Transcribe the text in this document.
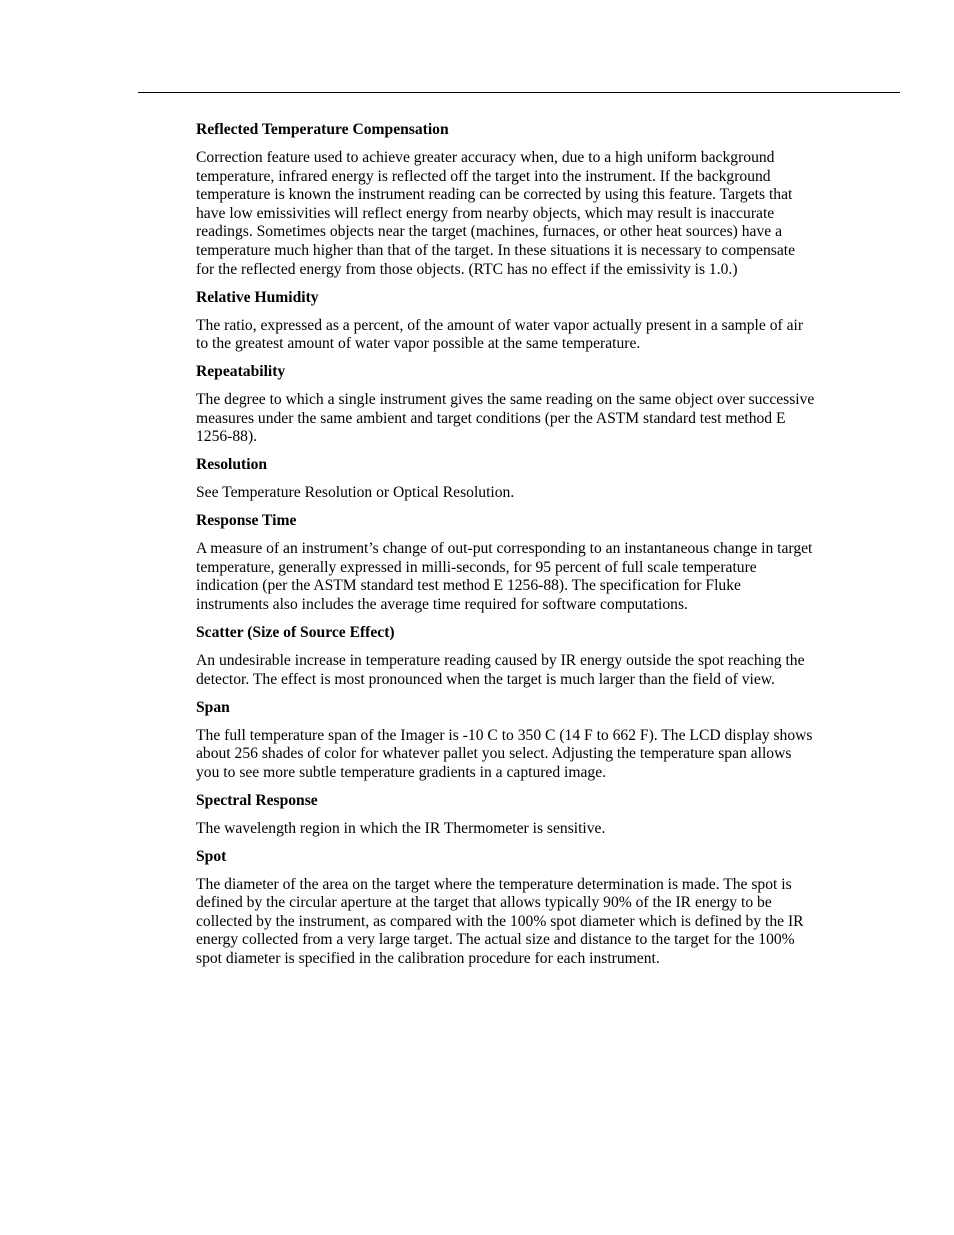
Reflected Temperature Compensation

Correction feature used to achieve greater accuracy when, due to a high uniform background temperature, infrared energy is reflected off the target into the instrument. If the background temperature is known the instrument reading can be corrected by using this feature. Targets that have low emissivities will reflect energy from nearby objects, which may result is inaccurate readings. Sometimes objects near the target (machines, furnaces, or other heat sources) have a temperature much higher than that of the target. In these situations it is necessary to compensate for the reflected energy from those objects. (RTC has no effect if the emissivity is 1.0.)

Relative Humidity

The ratio, expressed as a percent, of the amount of water vapor actually present in a sample of air to the greatest amount of water vapor possible at the same temperature.

Repeatability

The degree to which a single instrument gives the same reading on the same object over successive measures under the same ambient and target conditions (per the ASTM standard test method E 1256-88).

Resolution

See Temperature Resolution or Optical Resolution.

Response Time

A measure of an instrument’s change of out-put corresponding to an instantaneous change in target temperature, generally expressed in milli-seconds, for 95 percent of full scale temperature indication (per the ASTM standard test method E 1256-88). The specification for Fluke instruments also includes the average time required for software computations.

Scatter (Size of Source Effect)

An undesirable increase in temperature reading caused by IR energy outside the spot reaching the detector. The effect is most pronounced when the target is much larger than the field of view.

Span

The full temperature span of the Imager is -10 C to 350 C (14 F to 662 F). The LCD display shows about 256 shades of color for whatever pallet you select. Adjusting the temperature span allows you to see more subtle temperature gradients in a captured image.

Spectral Response

The wavelength region in which the IR Thermometer is sensitive.

Spot

The diameter of the area on the target where the temperature determination is made. The spot is defined by the circular aperture at the target that allows typically 90% of the IR energy to be collected by the instrument, as compared with the 100% spot diameter which is defined by the IR energy collected from a very large target. The actual size and distance to the target for the 100% spot diameter is specified in the calibration procedure for each instrument.
